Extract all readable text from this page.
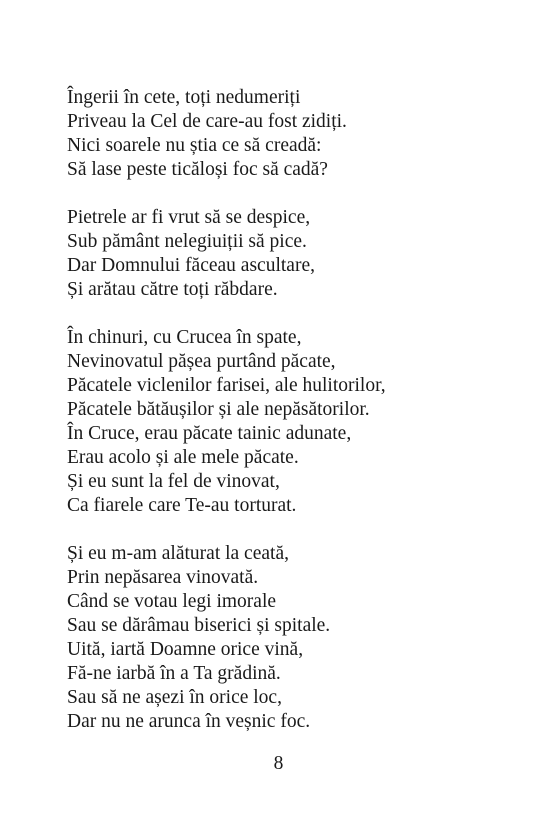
Îngerii în cete, toți nedumeriți
Priveau la Cel de care-au fost zidiți.
Nici soarele nu știa ce să creadă:
Să lase peste ticăloși foc să cadă?

Pietrele ar fi vrut să se despice,
Sub pământ nelegiuiții să pice.
Dar Domnului făceau ascultare,
Și arătau către toți răbdare.

În chinuri, cu Crucea în spate,
Nevinovatul pășea purtând păcate,
Păcatele viclenilor farisei, ale hulitorilor,
Păcatele bătăușilor și ale nepăsătorilor.
În Cruce, erau păcate tainic adunate,
Erau acolo și ale mele păcate.
Și eu sunt la fel de vinovat,
Ca fiarele care Te-au torturat.

Și eu m-am alăturat la ceată,
Prin nepăsarea vinovată.
Când se votau legi imorale
Sau se dărâmau biserici și spitale.
Uită, iartă Doamne orice vină,
Fă-ne iarbă în a Ta grădină.
Sau să ne așezi în orice loc,
Dar nu ne arunca în veșnic foc.

8
